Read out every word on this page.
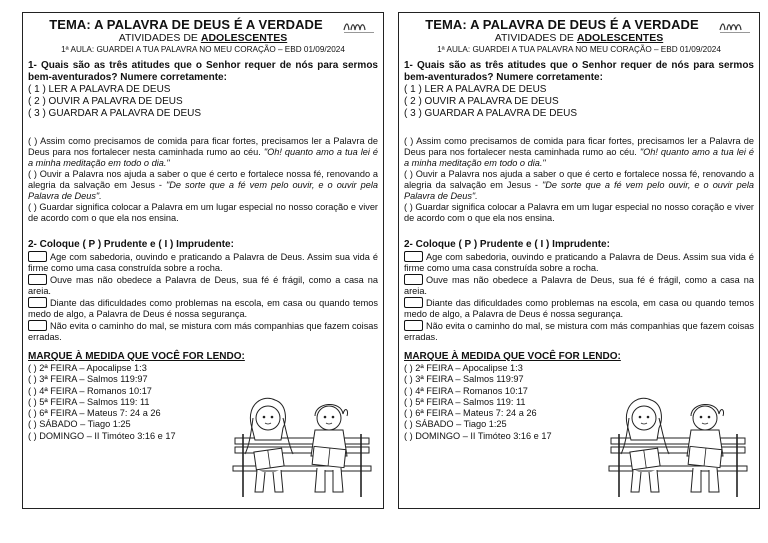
TEMA: A PALAVRA DE DEUS É A VERDADE
ATIVIDADES DE ADOLESCENTES
1ª AULA: GUARDEI A TUA PALAVRA NO MEU CORAÇÃO – EBD 01/09/2024

1- Quais são as três atitudes que o Senhor requer de nós para sermos bem-aventurados? Numere corretamente:

( 1 ) LER A PALAVRA DE DEUS

( 2 ) OUVIR A PALAVRA DE DEUS

( 3 ) GUARDAR A PALAVRA DE DEUS

( ) Assim como precisamos de comida para ficar fortes, precisamos ler a Palavra de Deus para nos fortalecer nesta caminhada rumo ao céu. "Oh! quanto amo a tua lei é a minha meditação em todo o dia."

( ) Ouvir a Palavra nos ajuda a saber o que é certo e fortalece nossa fé, renovando a alegria da salvação em Jesus - "De sorte que a fé vem pelo ouvir, e o ouvir pela Palavra de Deus".

( ) Guardar significa colocar a Palavra em um lugar especial no nosso coração e viver de acordo com o que ela nos ensina.

2- Coloque ( P ) Prudente e ( I ) Imprudente:

Age com sabedoria, ouvindo e praticando a Palavra de Deus. Assim sua vida é firme como uma casa construída sobre a rocha.

Ouve mas não obedece a Palavra de Deus, sua fé é frágil, como a casa na areia.

Diante das dificuldades como problemas na escola, em casa ou quando temos medo de algo, a Palavra de Deus é nossa segurança.

Não evita o caminho do mal, se mistura com más companhias que fazem coisas erradas.

MARQUE À MEDIDA QUE VOCÊ FOR LENDO:

( ) 2ª FEIRA – Apocalipse 1:3

( ) 3ª FEIRA – Salmos 119:97

( ) 4ª FEIRA – Romanos 10:17

( ) 5ª FEIRA – Salmos 119: 11

( ) 6ª FEIRA – Mateus 7: 24 a 26

( ) SÁBADO – Tiago 1:25

( ) DOMINGO – II Timóteo 3:16 e 17

TEMA: A PALAVRA DE DEUS É A VERDADE
ATIVIDADES DE ADOLESCENTES
1ª AULA: GUARDEI A TUA PALAVRA NO MEU CORAÇÃO – EBD 01/09/2024

1- Quais são as três atitudes que o Senhor requer de nós para sermos bem-aventurados? Numere corretamente:

( 1 ) LER A PALAVRA DE DEUS

( 2 ) OUVIR A PALAVRA DE DEUS

( 3 ) GUARDAR A PALAVRA DE DEUS

( ) Assim como precisamos de comida para ficar fortes, precisamos ler a Palavra de Deus para nos fortalecer nesta caminhada rumo ao céu. "Oh! quanto amo a tua lei é a minha meditação em todo o dia."

( ) Ouvir a Palavra nos ajuda a saber o que é certo e fortalece nossa fé, renovando a alegria da salvação em Jesus - "De sorte que a fé vem pelo ouvir, e o ouvir pela Palavra de Deus".

( ) Guardar significa colocar a Palavra em um lugar especial no nosso coração e viver de acordo com o que ela nos ensina.

2- Coloque ( P ) Prudente e ( I ) Imprudente:

Age com sabedoria, ouvindo e praticando a Palavra de Deus. Assim sua vida é firme como uma casa construída sobre a rocha.

Ouve mas não obedece a Palavra de Deus, sua fé é frágil, como a casa na areia.

Diante das dificuldades como problemas na escola, em casa ou quando temos medo de algo, a Palavra de Deus é nossa segurança.

Não evita o caminho do mal, se mistura com más companhias que fazem coisas erradas.

MARQUE À MEDIDA QUE VOCÊ FOR LENDO:

( ) 2ª FEIRA – Apocalipse 1:3

( ) 3ª FEIRA – Salmos 119:97

( ) 4ª FEIRA – Romanos 10:17

( ) 5ª FEIRA – Salmos 119: 11

( ) 6ª FEIRA – Mateus 7: 24 a 26

( ) SÁBADO – Tiago 1:25

( ) DOMINGO – II Timóteo 3:16 e 17
